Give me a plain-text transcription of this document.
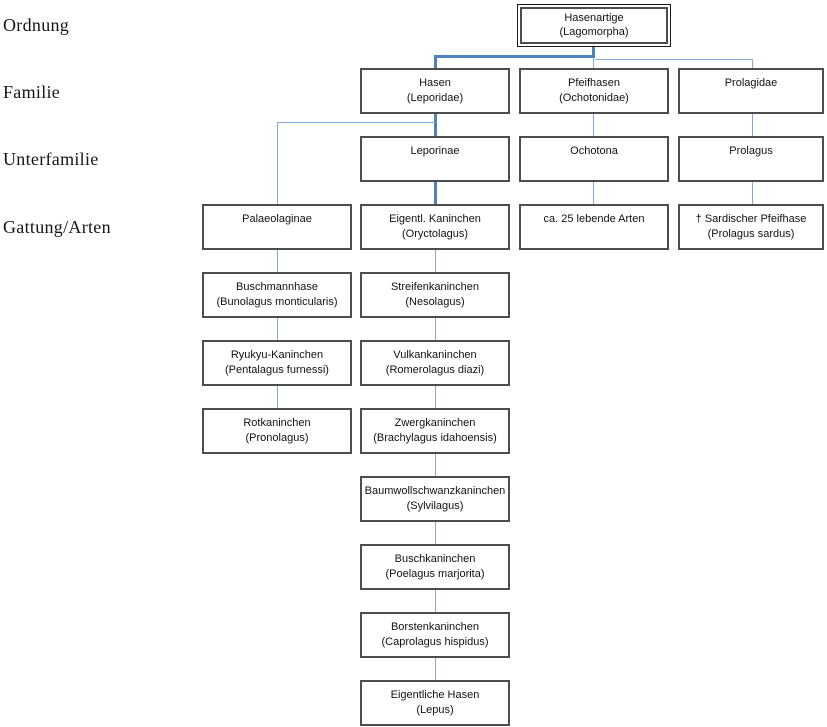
Ordnung
Familie
Unterfamilie
Gattung/Arten
Hasenartige
(Lagomorpha)
Hasen
(Leporidae)
Pfeifhasen
(Ochotonidae)
Prolagidae
Leporinae	Ochotona	Prolagus
Palaeolaginae	Eigentl. Kaninchen
(Oryctolagus)
ca. 25 lebende Arten	† Sardischer Pfeifhase
(Prolagus sardus)
Buschmannhase
(Bunolagus monticularis)
Streifenkaninchen
(Nesolagus)
Ryukyu-Kaninchen
(Pentalagus furnessi)
Vulkankaninchen
(Romerolagus diazi)
Rotkaninchen
(Pronolagus)
Zwergkaninchen
(Brachylagus idahoensis)
Baumwollschwanzkaninchen
(Sylvilagus)
Buschkaninchen
(Poelagus marjorita)
Borstenkaninchen
(Caprolagus hispidus)
Eigentliche Hasen
(Lepus)
